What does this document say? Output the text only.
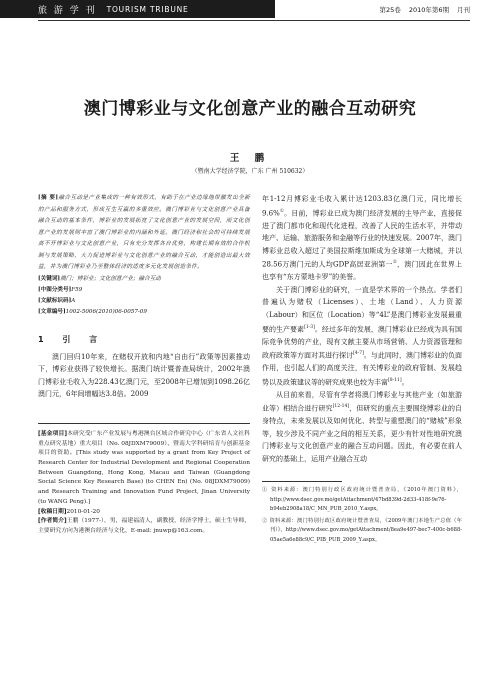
旅 游 学 刊 TOURISM TRIBUNE	第25卷 2010年第6期 月刊
澳门博彩业与文化创意产业的融合互动研究
王 鹏
（暨南大学经济学院，广东 广州 510632）

[摘 要]融合互动是产业集成的一种有效形式，有助于在产业边缘地带激发出全新的产品和服务方式，形成互生互赢的多重效应。澳门博彩业与文化创意产业具备融合互动的基本条件，博彩业的发展拓宽了文化创意产业的发展空间，而文化创意产业的发展则丰富了澳门博彩业的内涵和外延。澳门经济和社会的可持续发展离不开博彩业与文化创意产业，只有充分发挥各自优势，构建长期有效的合作机制与发展策略，大力促进博彩业与文化创意产业的融合互动，才能创造出最大效益，并为澳门博彩业乃至整体经济的适度多元化发展创造条件。

[关键词]澳门；博彩业；文化创意产业；融合互动

[中图分类号]F59

[文献标识码]A

[文章编号]1002-5006(2010)06-0057-09

1 引 言

澳门回归10年来，在赌权开放和内地“自由行”政策等因素推动下，博彩业获得了较快增长。据澳门统计暨普查局统计，2002年澳门博彩业毛收入为228.43亿澳门元，至2008年已增加到1098.26亿澳门元，6年间增幅达3.8倍。2009

[基金项目]本研究受广东产业发展与粤港澳台区域合作研究中心（广东省人文社科重点研究基地）重大项目（No. 08JDXM79009）、暨南大学科研培育与创新基金项目的资助。[This study was supported by a grant from Key Project of Research Center for Industrial Development and Regional Cooperation Between Guangdong, Hong Kong, Macau and Taiwan (Guangdong Social Science Key Research Base) (to CHEN En) (No. 08JDXM79009) and Research Training and Innovation Fund Project, Jinan University (to WANG Peng).]

[收稿日期]2010-01-20

[作者简介]王鹏（1977-），男，福建福清人，副教授，经济学博士，硕士生导师，主要研究方向为港澳台经济与文化，E-mail: jnuwp@163.com。

年1-12月博彩业毛收入累计达1203.83亿澳门元，同比增长9.6%①。目前，博彩业已成为澳门经济发展的主导产业，直接促进了澳门都市化和现代化进程，改善了人民的生活水平，并带动地产、运输、旅游服务和金融等行业的快速发展。2007年，澳门博彩业总收入超过了美国拉斯维加斯成为全球第一大赌城，并以28.56万澳门元的人均GDP高居亚洲第一②，澳门因此在世界上也享有“东方蒙地卡罗”的美誉。

关于澳门博彩业的研究，一直是学术界的一个热点。学者们普遍认为赌权（Licenses）、土地（Land）、人力资源（Labour）和区位（Location）等“4L”是澳门博彩业发展最重要的生产要素[1-3]。经过多年的发展，澳门博彩业已经成为具有国际竞争优势的产业，现有文献主要从市场营销、人力资源管理和政府政策等方面对其进行探讨[4-7]。与此同时，澳门博彩业的负面作用，也引起人们的高度关注，有关博彩业的政府管制、发展趋势以及政策建议等的研究成果也较为丰富[8-11]。

从目前来看，尽管有学者将澳门博彩业与其他产业（如旅游业等）相结合进行研究[12-14]，但研究的重点主要围绕博彩业的自身特点，未来发展以及如何优化、转型与重塑澳门的“赌城”形象等，较少涉及不同产业之间的相互关系，更少有针对性地研究澳门博彩业与文化创意产业的融合互动问题。因此，有必要在前人研究的基础上，运用产业融合互动

① 资料来源：澳门特别行政区政府统计暨普查局，《2010年澳门资料》，http://www.dsec.gov.mo/getAttachment/47bd839d-2d33-418f-9e76-b94eb2908a18/C_MN_PUB_2010_Y.aspx。

② 资料来源：澳门特别行政区政府统计暨普查局，《2009年澳门本地生产总值（年刊）》，http://www.dsec.gov.mo/getAttachment/8ea9e497-bec7-400c-b688-05ae5a6e88c9/C_PIB_PUB_2009_Y.aspx。
